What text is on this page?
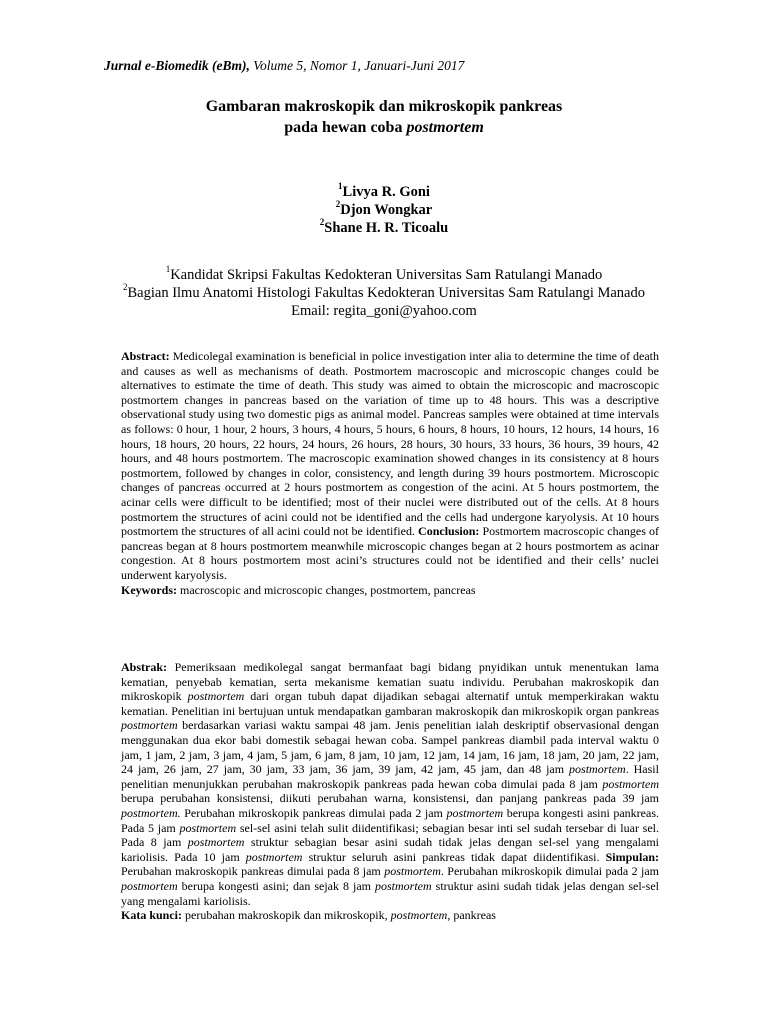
Jurnal e-Biomedik (eBm), Volume 5, Nomor 1, Januari-Juni 2017
Gambaran makroskopik dan mikroskopik pankreas
pada hewan coba postmortem
$^1$Livya R. Goni
$^2$Djon Wongkar
$^2$Shane H. R. Ticoalu
$^1$Kandidat Skripsi Fakultas Kedokteran Universitas Sam Ratulangi Manado
$^2$Bagian Ilmu Anatomi Histologi Fakultas Kedokteran Universitas Sam Ratulangi Manado
Email: regita_goni@yahoo.com

Abstract: Medicolegal examination is beneficial in police investigation inter alia to determine the time of death and causes as well as mechanisms of death. Postmortem macroscopic and microscopic changes could be alternatives to estimate the time of death. This study was aimed to obtain the microscopic and macroscopic postmortem changes in pancreas based on the variation of time up to 48 hours. This was a descriptive observational study using two domestic pigs as animal model. Pancreas samples were obtained at time intervals as follows: 0 hour, 1 hour, 2 hours, 3 hours, 4 hours, 5 hours, 6 hours, 8 hours, 10 hours, 12 hours, 14 hours, 16 hours, 18 hours, 20 hours, 22 hours, 24 hours, 26 hours, 28 hours, 30 hours, 33 hours, 36 hours, 39 hours, 42 hours, and 48 hours postmortem. The macroscopic examination showed changes in its consistency at 8 hours postmortem, followed by changes in color, consistency, and length during 39 hours postmortem. Microscopic changes of pancreas occurred at 2 hours postmortem as congestion of the acini. At 5 hours postmortem, the acinar cells were difficult to be identified; most of their nuclei were distributed out of the cells. At 8 hours postmortem the structures of acini could not be identified and the cells had undergone karyolysis. At 10 hours postmortem the structures of all acini could not be identified. Conclusion: Postmortem macroscopic changes of pancreas began at 8 hours postmortem meanwhile microscopic changes began at 2 hours postmortem as acinar congestion. At 8 hours postmortem most acini’s structures could not be identified and their cells’ nuclei underwent karyolysis.

Keywords: macroscopic and microscopic changes, postmortem, pancreas

Abstrak: Pemeriksaan medikolegal sangat bermanfaat bagi bidang pnyidikan untuk menentukan lama kematian, penyebab kematian, serta mekanisme kematian suatu individu. Perubahan makroskopik dan mikroskopik postmortem dari organ tubuh dapat dijadikan sebagai alternatif untuk memperkirakan waktu kematian. Penelitian ini bertujuan untuk mendapatkan gambaran makroskopik dan mikroskopik organ pankreas postmortem berdasarkan variasi waktu sampai 48 jam. Jenis penelitian ialah deskriptif observasional dengan menggunakan dua ekor babi domestik sebagai hewan coba. Sampel pankreas diambil pada interval waktu 0 jam, 1 jam, 2 jam, 3 jam, 4 jam, 5 jam, 6 jam, 8 jam, 10 jam, 12 jam, 14 jam, 16 jam, 18 jam, 20 jam, 22 jam, 24 jam, 26 jam, 27 jam, 30 jam, 33 jam, 36 jam, 39 jam, 42 jam, 45 jam, dan 48 jam postmortem. Hasil penelitian menunjukkan perubahan makroskopik pankreas pada hewan coba dimulai pada 8 jam postmortem berupa perubahan konsistensi, diikuti perubahan warna, konsistensi, dan panjang pankreas pada 39 jam postmortem. Perubahan mikroskopik pankreas dimulai pada 2 jam postmortem berupa kongesti asini pankreas. Pada 5 jam postmortem sel-sel asini telah sulit diidentifikasi; sebagian besar inti sel sudah tersebar di luar sel. Pada 8 jam postmortem struktur sebagian besar asini sudah tidak jelas dengan sel-sel yang mengalami kariolisis. Pada 10 jam postmortem struktur seluruh asini pankreas tidak dapat diidentifikasi. Simpulan: Perubahan makroskopik pankreas dimulai pada 8 jam postmortem. Perubahan mikroskopik dimulai pada 2 jam postmortem berupa kongesti asini; dan sejak 8 jam postmortem struktur asini sudah tidak jelas dengan sel-sel yang mengalami kariolisis.

Kata kunci: perubahan makroskopik dan mikroskopik, postmortem, pankreas
